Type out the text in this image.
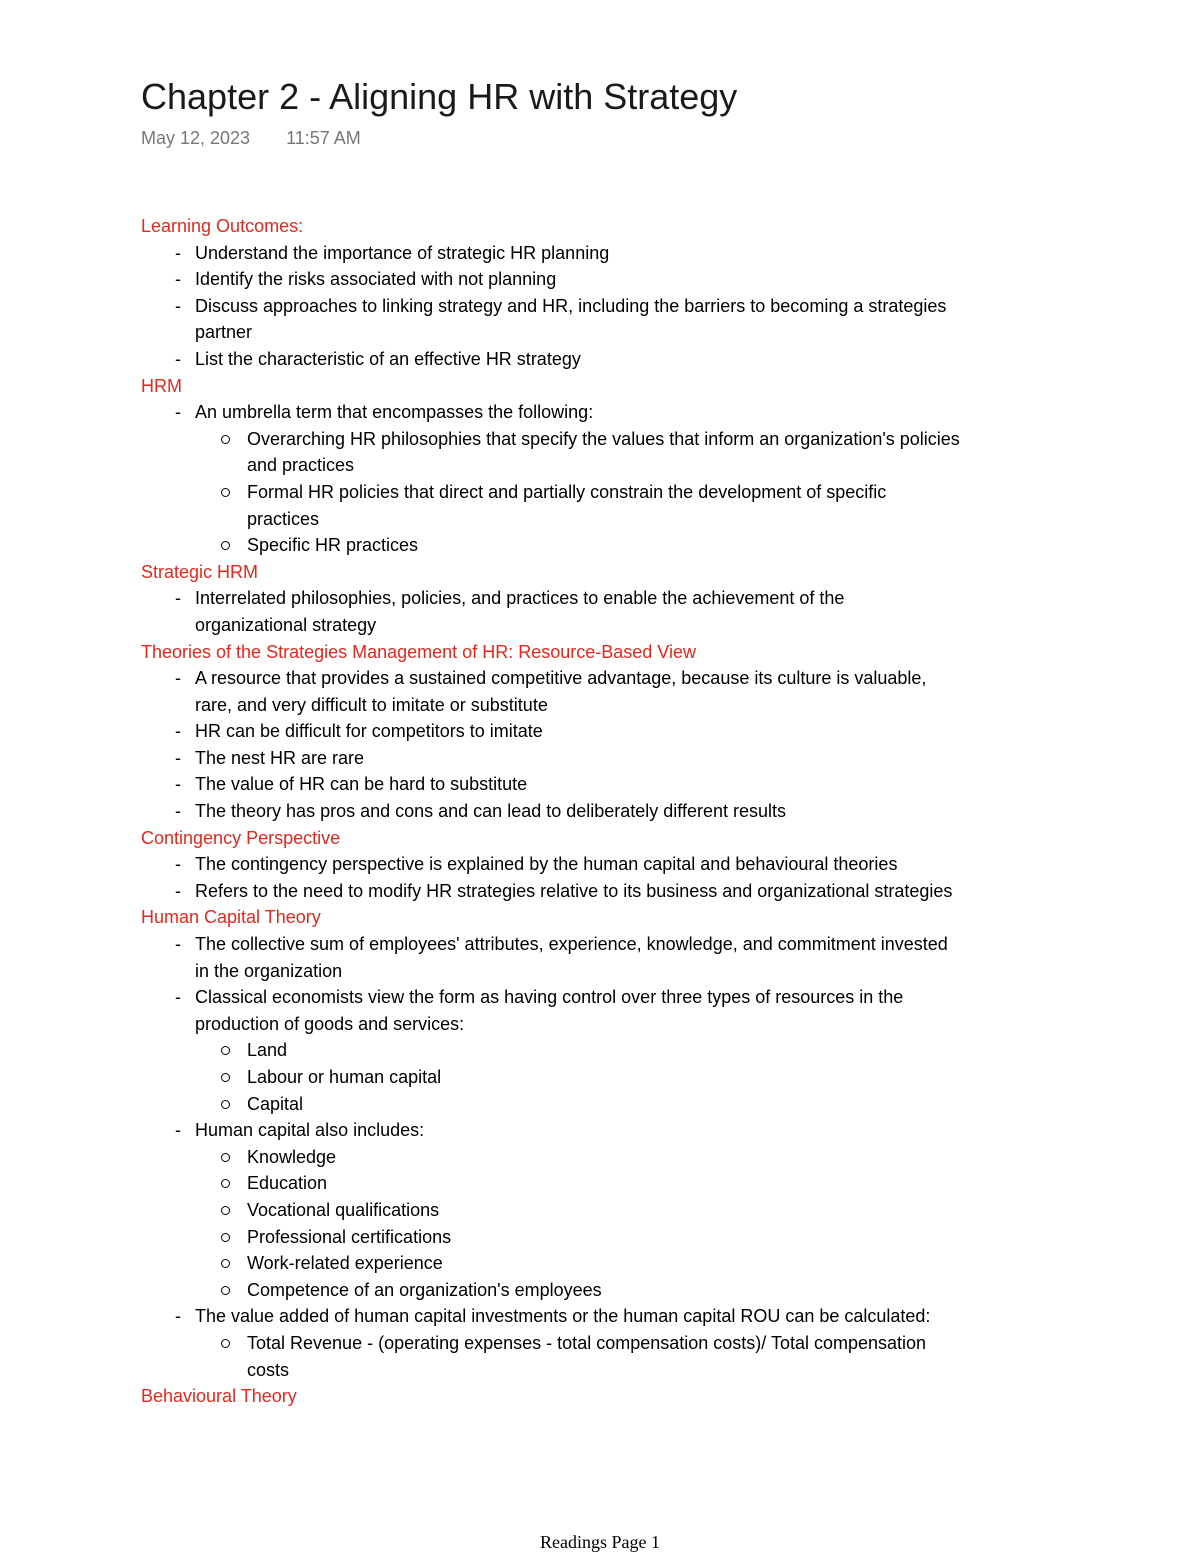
Chapter 2 - Aligning HR with Strategy
May 12, 2023 11:57 AM
Learning Outcomes:
- Understand the importance of strategic HR planning
- Identify the risks associated with not planning
- Discuss approaches to linking strategy and HR, including the barriers to becoming a strategies partner
- List the characteristic of an effective HR strategy
HRM
- An umbrella term that encompasses the following:
Overarching HR philosophies that specify the values that inform an organization's policies and practices
Formal HR policies that direct and partially constrain the development of specific practices
Specific HR practices
Strategic HRM
- Interrelated philosophies, policies, and practices to enable the achievement of the organizational strategy
Theories of the Strategies Management of HR: Resource-Based View
- A resource that provides a sustained competitive advantage, because its culture is valuable, rare, and very difficult to imitate or substitute
- HR can be difficult for competitors to imitate
- The nest HR are rare
- The value of HR can be hard to substitute
- The theory has pros and cons and can lead to deliberately different results
Contingency Perspective
- The contingency perspective is explained by the human capital and behavioural theories
- Refers to the need to modify HR strategies relative to its business and organizational strategies
Human Capital Theory
- The collective sum of employees' attributes, experience, knowledge, and commitment invested in the organization
- Classical economists view the form as having control over three types of resources in the production of goods and services:
Land
Labour or human capital
Capital
- Human capital also includes:
Knowledge
Education
Vocational qualifications
Professional certifications
Work-related experience
Competence of an organization's employees
- The value added of human capital investments or the human capital ROU can be calculated:
Total Revenue - (operating expenses - total compensation costs)/ Total compensation costs
Behavioural Theory
Readings Page 1
